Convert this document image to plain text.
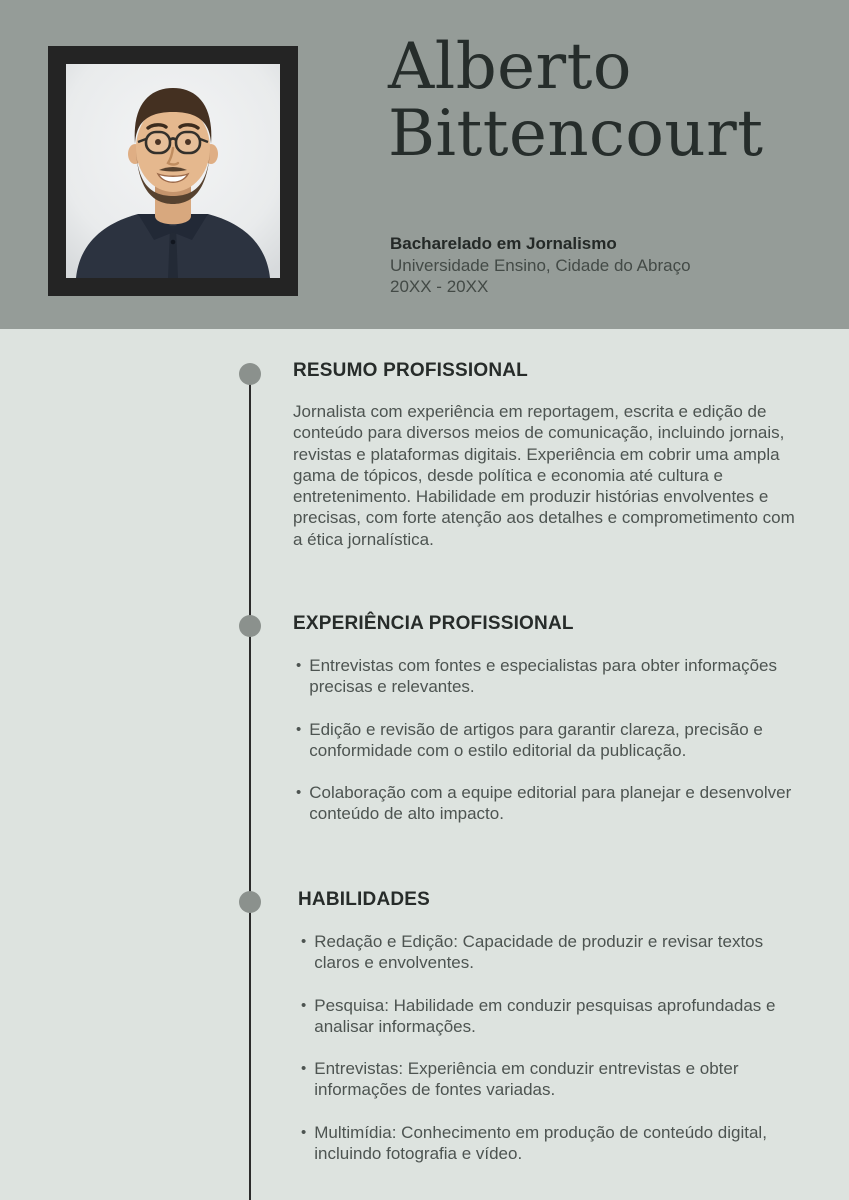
Alberto
Bittencourt
Bacharelado em Jornalismo
Universidade Ensino, Cidade do Abraço
20XX - 20XX
RESUMO PROFISSIONAL

Jornalista com experiência em reportagem, escrita e edição de conteúdo para diversos meios de comunicação, incluindo jornais, revistas e plataformas digitais. Experiência em cobrir uma ampla gama de tópicos, desde política e economia até cultura e entretenimento. Habilidade em produzir histórias envolventes e precisas, com forte atenção aos detalhes e comprometimento com a ética jornalística.

EXPERIÊNCIA PROFISSIONAL
• Entrevistas com fontes e especialistas para obter informações precisas e relevantes.
• Edição e revisão de artigos para garantir clareza, precisão e conformidade com o estilo editorial da publicação.
• Colaboração com a equipe editorial para planejar e desenvolver conteúdo de alto impacto.
HABILIDADES
• Redação e Edição: Capacidade de produzir e revisar textos claros e envolventes.
• Pesquisa: Habilidade em conduzir pesquisas aprofundadas e analisar informações.
• Entrevistas: Experiência em conduzir entrevistas e obter informações de fontes variadas.
• Multimídia: Conhecimento em produção de conteúdo digital, incluindo fotografia e vídeo.
